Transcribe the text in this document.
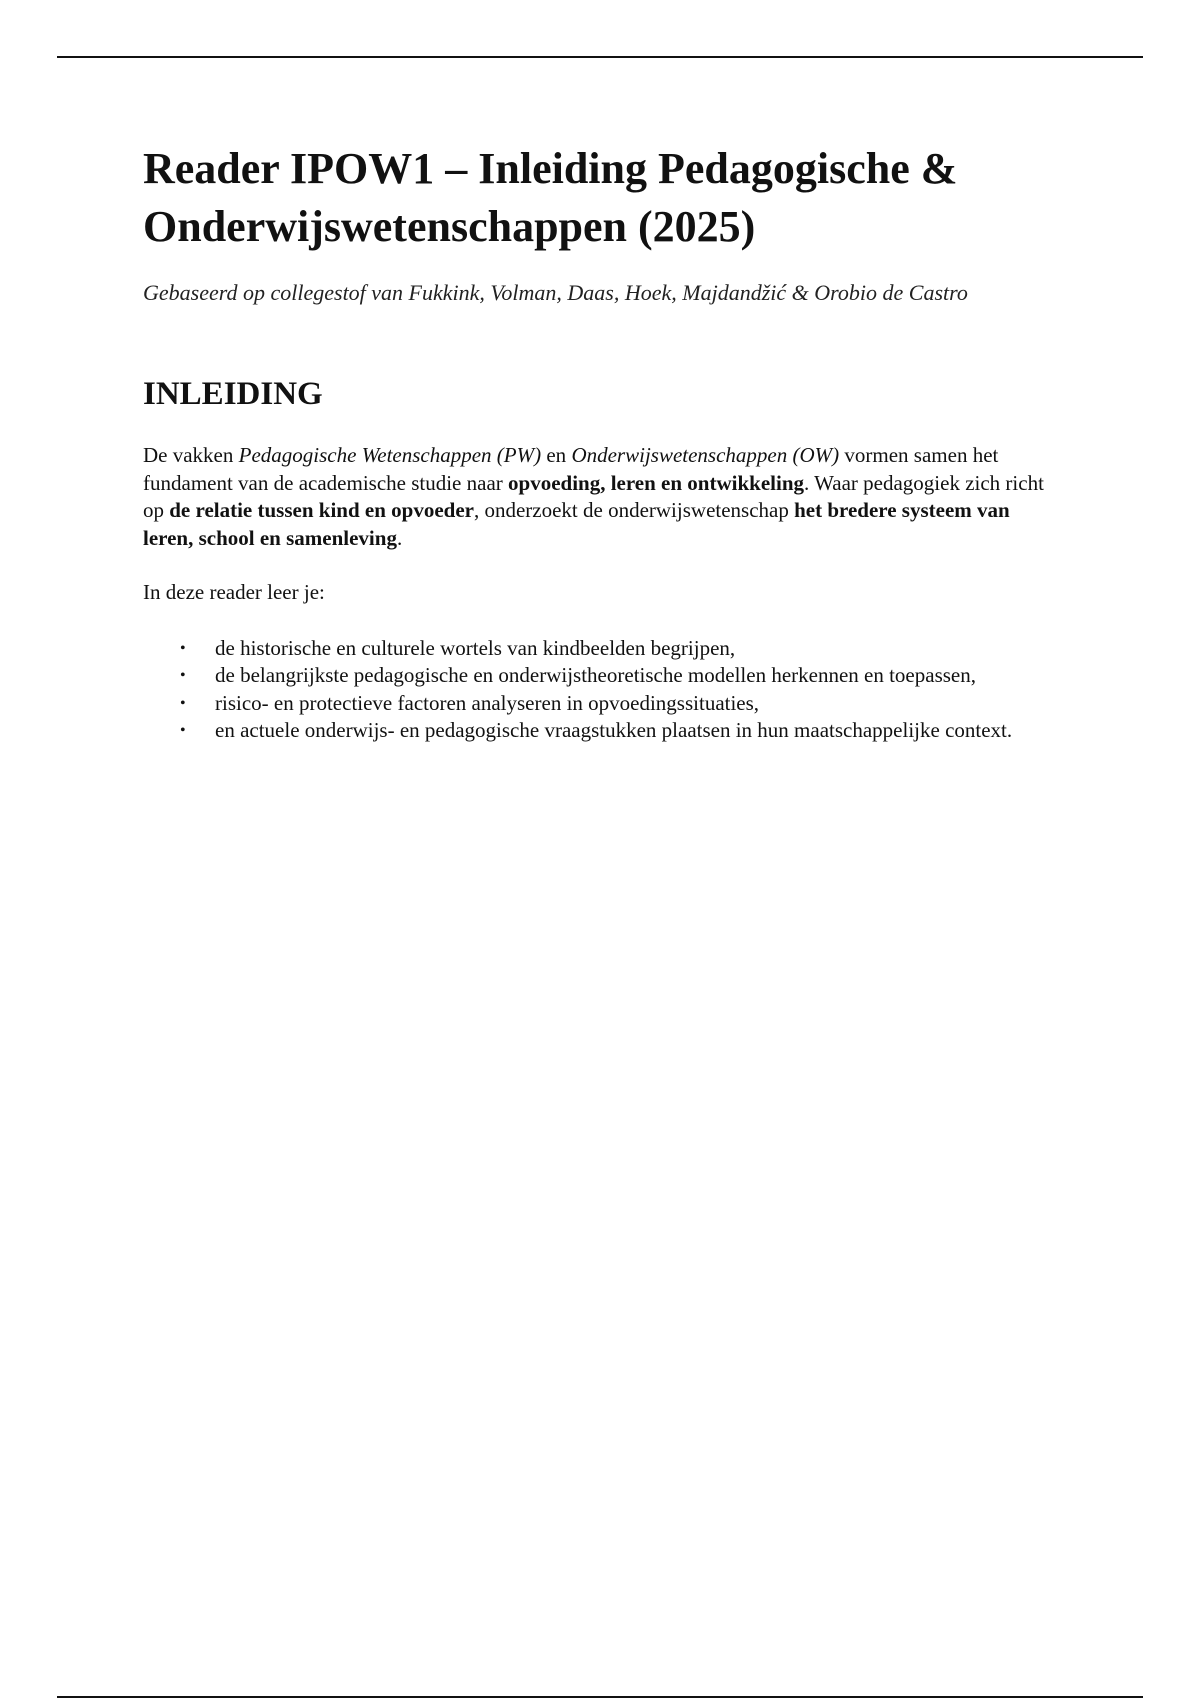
Reader IPOW1 – Inleiding Pedagogische & Onderwijswetenschappen (2025)

Gebaseerd op collegestof van Fukkink, Volman, Daas, Hoek, Majdandžić & Orobio de Castro

INLEIDING

De vakken Pedagogische Wetenschappen (PW) en Onderwijswetenschappen (OW) vormen samen het fundament van de academische studie naar opvoeding, leren en ontwikkeling. Waar pedagogiek zich richt op de relatie tussen kind en opvoeder, onderzoekt de onderwijswetenschap het bredere systeem van leren, school en samenleving.

In deze reader leer je:

• de historische en culturele wortels van kindbeelden begrijpen,
• de belangrijkste pedagogische en onderwijstheoretische modellen herkennen en toepassen,
• risico- en protectieve factoren analyseren in opvoedingssituaties,
• en actuele onderwijs- en pedagogische vraagstukken plaatsen in hun maatschappelijke context.
